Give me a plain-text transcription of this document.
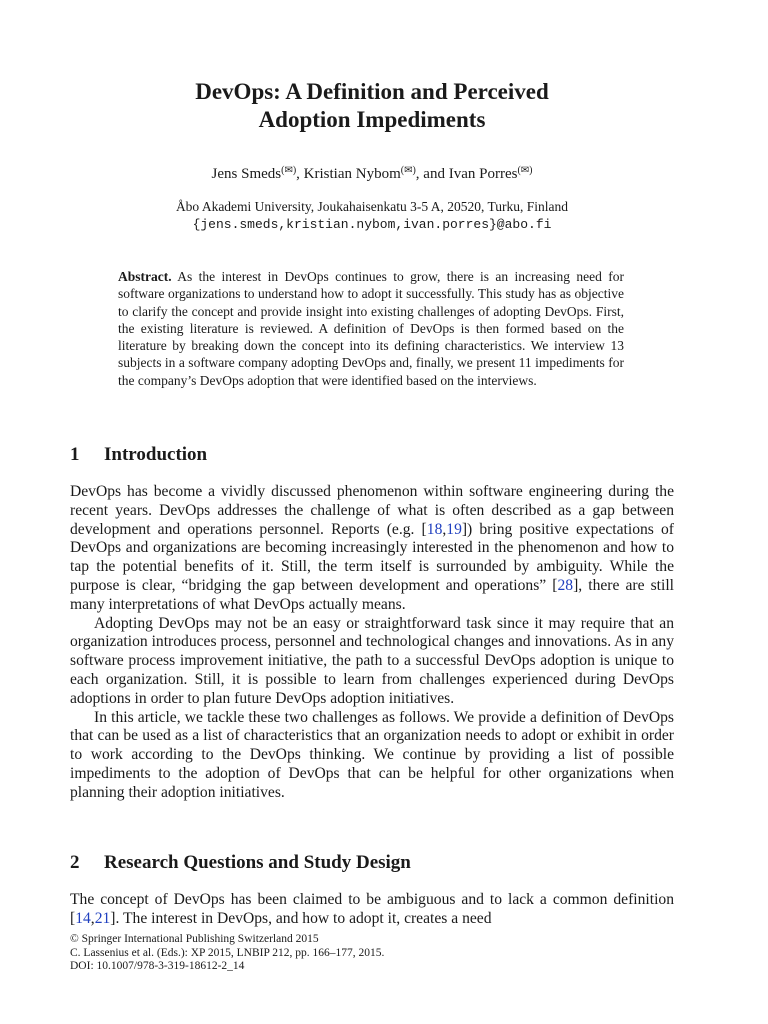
DevOps: A Definition and Perceived
Adoption Impediments
Jens Smeds(✉), Kristian Nybom(✉), and Ivan Porres(✉)
Åbo Akademi University, Joukahaisenkatu 3-5 A, 20520, Turku, Finland
{jens.smeds,kristian.nybom,ivan.porres}@abo.fi
Abstract. As the interest in DevOps continues to grow, there is an increasing need for software organizations to understand how to adopt it successfully. This study has as objective to clarify the concept and provide insight into existing challenges of adopting DevOps. First, the existing literature is reviewed. A definition of DevOps is then formed based on the literature by breaking down the concept into its defining characteristics. We interview 13 subjects in a software company adopting DevOps and, finally, we present 11 impediments for the company’s DevOps adoption that were identified based on the interviews.
1 Introduction

DevOps has become a vividly discussed phenomenon within software engineering during the recent years. DevOps addresses the challenge of what is often described as a gap between development and operations personnel. Reports (e.g. [18,19]) bring positive expectations of DevOps and organizations are becoming increasingly interested in the phenomenon and how to tap the potential benefits of it. Still, the term itself is surrounded by ambiguity. While the purpose is clear, “bridging the gap between development and operations” [28], there are still many interpretations of what DevOps actually means.

Adopting DevOps may not be an easy or straightforward task since it may require that an organization introduces process, personnel and technological changes and innovations. As in any software process improvement initiative, the path to a successful DevOps adoption is unique to each organization. Still, it is possible to learn from challenges experienced during DevOps adoptions in order to plan future DevOps adoption initiatives.

In this article, we tackle these two challenges as follows. We provide a definition of DevOps that can be used as a list of characteristics that an organization needs to adopt or exhibit in order to work according to the DevOps thinking. We continue by providing a list of possible impediments to the adoption of DevOps that can be helpful for other organizations when planning their adoption initiatives.

2 Research Questions and Study Design

The concept of DevOps has been claimed to be ambiguous and to lack a common definition [14,21]. The interest in DevOps, and how to adopt it, creates a need

© Springer International Publishing Switzerland 2015
C. Lassenius et al. (Eds.): XP 2015, LNBIP 212, pp. 166–177, 2015.
DOI: 10.1007/978-3-319-18612-2_14
